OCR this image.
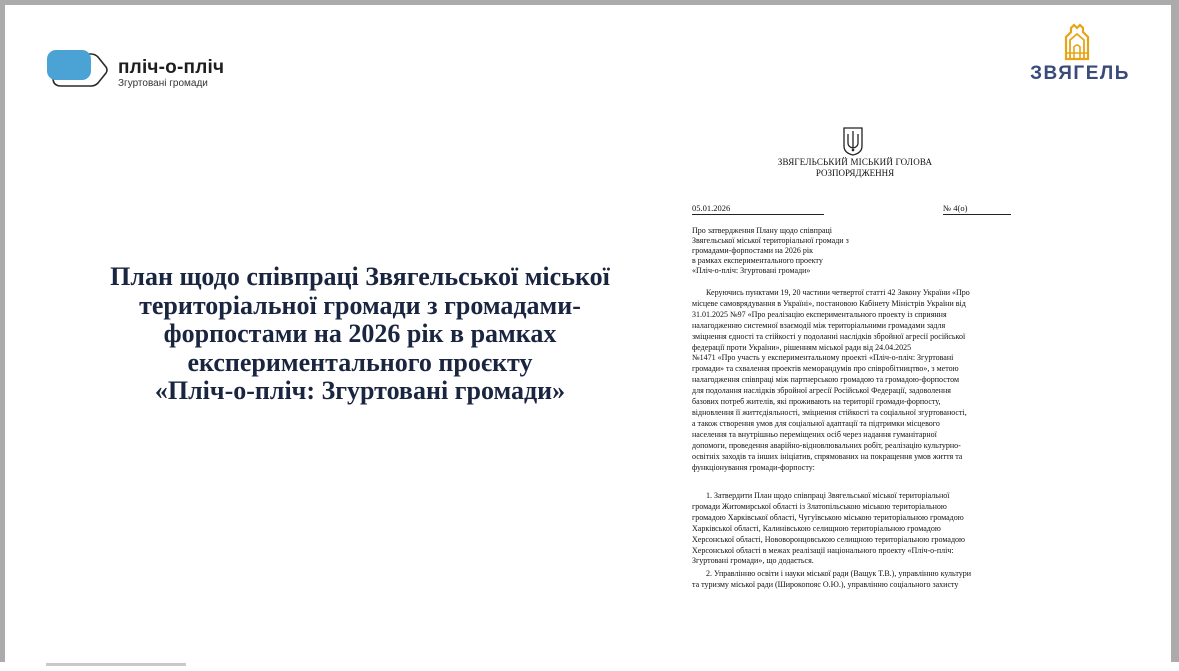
пліч-о-пліч
Згуртовані громади	ЗВЯГЕЛЬ
План щодо співпраці Звягельської міської
територіальної громади з громадами-
форпостами на 2026 рік в рамках
експериментального проєкту
«Пліч-о-пліч: Згуртовані громади»
ЗВЯГЕЛЬСЬКИЙ МІСЬКИЙ ГОЛОВА
РОЗПОРЯДЖЕННЯ
05.01.2026	№ 4(о)
Про затвердження Плану щодо співпраці
Звягельської міської територіальної громади з
громадами-форпостами на 2026 рік
в рамках експериментального проекту
«Пліч-о-пліч: Згуртовані громади»
Керуючись пунктами 19, 20 частини четвертої статті 42 Закону України «Про
місцеве самоврядування в Україні», постановою Кабінету Міністрів України від
31.01.2025 №97 «Про реалізацію експериментального проекту із сприяння
налагодженню системної взаємодії між територіальними громадами задля
зміцнення єдності та стійкості у подоланні наслідків збройної агресії російської
федерації проти України», рішенням міської ради від 24.04.2025
№1471 «Про участь у експериментальному проекті «Пліч-о-пліч: Згуртовані
громади» та схвалення проектів меморандумів про співробітництво», з метою
налагодження співпраці між партнерською громадою та громадою-форпостом
для подолання наслідків збройної агресії Російської Федерації, задоволення
базових потреб жителів, які проживають на території громади-форпосту,
відновлення її життєдіяльності, зміцнення стійкості та соціальної згуртованості,
а також створення умов для соціальної адаптації та підтримки місцевого
населення та внутрішньо переміщених осіб через надання гуманітарної
допомоги, проведення аварійно-відновлювальних робіт, реалізацію культурно-
освітніх заходів та інших ініціатив, спрямованих на покращення умов життя та
функціонування громади-форпосту:
1. Затвердити План щодо співпраці Звягельської міської територіальної
громади Житомирської області із Златопільською міською територіальною
громадою Харківської області, Чугуївською міською територіальною громадою
Харківської області, Калинівською селищною територіальною громадою
Херсонської області, Нововоронцовською селищною територіальною громадою
Херсонської області в межах реалізації національного проекту «Пліч-о-пліч:
Згуртовані громади», що додається.
2. Управлінню освіти і науки міської ради (Ващук Т.В.), управлінню культури
та туризму міської ради (Широкопояс О.Ю.), управлінню соціального захисту
